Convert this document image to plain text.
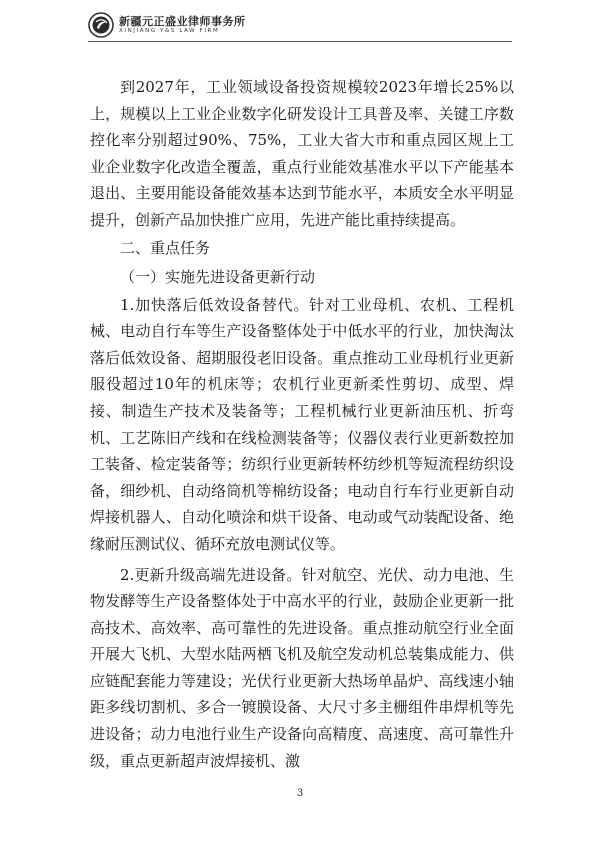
新疆元正盛业律师事务所
XINJIANG Y&S LAW FIRM

到2027年，工业领域设备投资规模较2023年增长25%以上，规模以上工业企业数字化研发设计工具普及率、关键工序数控化率分别超过90%、75%，工业大省大市和重点园区规上工业企业数字化改造全覆盖，重点行业能效基准水平以下产能基本退出、主要用能设备能效基本达到节能水平，本质安全水平明显提升，创新产品加快推广应用，先进产能比重持续提高。

二、重点任务

（一）实施先进设备更新行动

1.加快落后低效设备替代。针对工业母机、农机、工程机械、电动自行车等生产设备整体处于中低水平的行业，加快淘汰落后低效设备、超期服役老旧设备。重点推动工业母机行业更新服役超过10年的机床等；农机行业更新柔性剪切、成型、焊接、制造生产技术及装备等；工程机械行业更新油压机、折弯机、工艺陈旧产线和在线检测装备等；仪器仪表行业更新数控加工装备、检定装备等；纺织行业更新转杯纺纱机等短流程纺织设备，细纱机、自动络筒机等棉纺设备；电动自行车行业更新自动焊接机器人、自动化喷涂和烘干设备、电动或气动装配设备、绝缘耐压测试仪、循环充放电测试仪等。

2.更新升级高端先进设备。针对航空、光伏、动力电池、生物发酵等生产设备整体处于中高水平的行业，鼓励企业更新一批高技术、高效率、高可靠性的先进设备。重点推动航空行业全面开展大飞机、大型水陆两栖飞机及航空发动机总装集成能力、供应链配套能力等建设；光伏行业更新大热场单晶炉、高线速小轴距多线切割机、多合一镀膜设备、大尺寸多主栅组件串焊机等先进设备；动力电池行业生产设备向高精度、高速度、高可靠性升级，重点更新超声波焊接机、激

3
